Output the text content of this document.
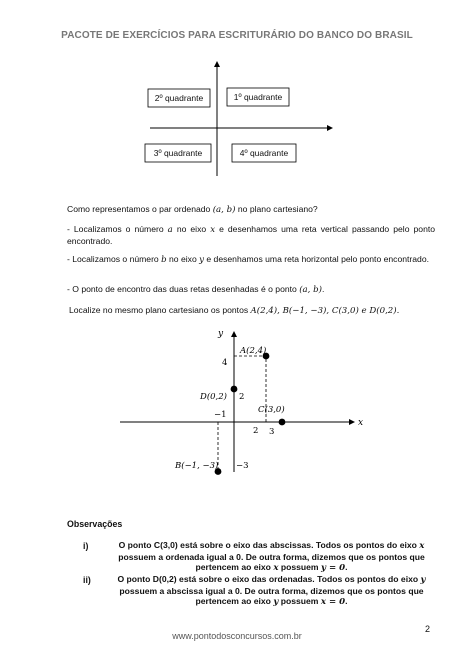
PACOTE DE EXERCÍCIOS PARA ESCRITURÁRIO DO BANCO DO BRASIL
2º quadrante	1º quadrante
3º quadrante	4º quadrante
Como representamos o par ordenado (a, b) no plano cartesiano?
- Localizamos o número a no eixo x e desenhamos uma reta vertical passando pelo ponto encontrado.
- Localizamos o número b no eixo y e desenhamos uma reta horizontal pelo ponto encontrado.
- O ponto de encontro das duas retas desenhadas é o ponto (a, b).
Localize no mesmo plano cartesiano os pontos A(2,4), B(−1, −3), C(3,0) e D(0,2).
y
x
4
2
−1
2 3
−3
A(2,4)
B(−1, −3)
C(3,0)
D(0,2)
Observações
i)	O ponto C(3,0) está sobre o eixo das abscissas. Todos os pontos do eixo x
possuem a ordenada igual a 0. De outra forma, dizemos que os pontos que
pertencem ao eixo x possuem y = 0.
ii)	O ponto D(0,2) está sobre o eixo das ordenadas. Todos os pontos do eixo y
possuem a abscissa igual a 0. De outra forma, dizemos que os pontos que
pertencem ao eixo y possuem x = 0.
2
www.pontodosconcursos.com.br
